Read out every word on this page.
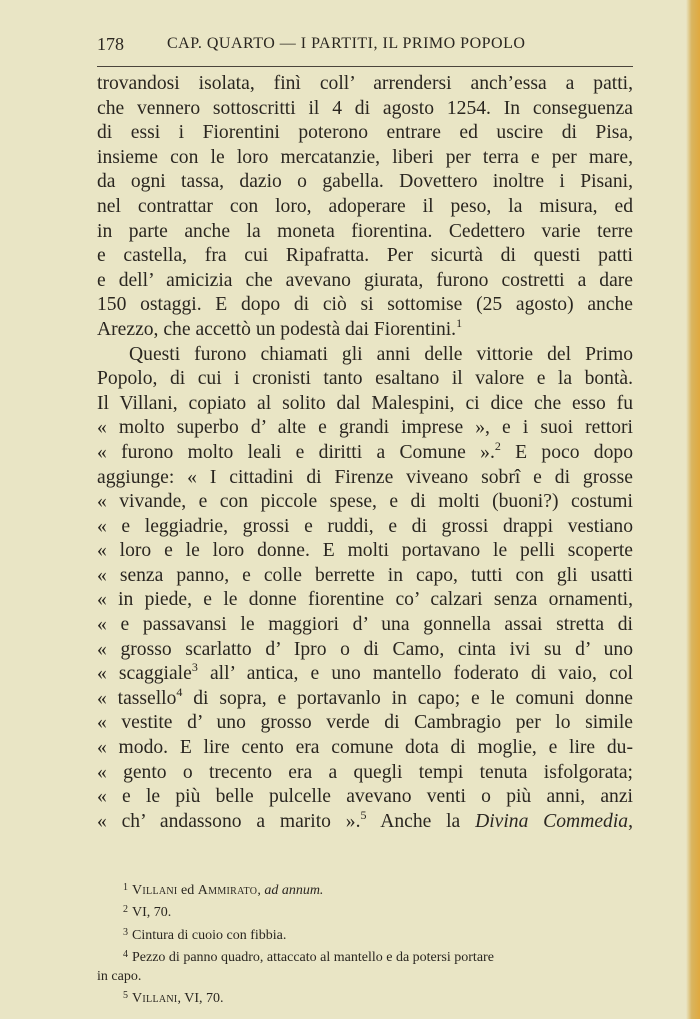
178	CAP. QUARTO — I PARTITI, IL PRIMO POPOLO
trovandosi isolata, finì coll’ arrendersi anch’essa a patti,
che vennero sottoscritti il 4 di agosto 1254. In conseguenza
di essi i Fiorentini poterono entrare ed uscire di Pisa,
insieme con le loro mercatanzie, liberi per terra e per mare,
da ogni tassa, dazio o gabella. Dovettero inoltre i Pisani,
nel contrattar con loro, adoperare il peso, la misura, ed
in parte anche la moneta fiorentina. Cedettero varie terre
e castella, fra cui Ripafratta. Per sicurtà di questi patti
e dell’ amicizia che avevano giurata, furono costretti a dare
150 ostaggi. E dopo di ciò si sottomise (25 agosto) anche
Arezzo, che accettò un podestà dai Fiorentini.$^1$
Questi furono chiamati gli anni delle vittorie del Primo
Popolo, di cui i cronisti tanto esaltano il valore e la bontà.
Il Villani, copiato al solito dal Malespini, ci dice che esso fu
« molto superbo d’ alte e grandi imprese », e i suoi rettori
« furono molto leali e diritti a Comune ».$^2$ E poco dopo
aggiunge: « I cittadini di Firenze viveano sobrî e di grosse
« vivande, e con piccole spese, e di molti (buoni?) costumi
« e leggiadrie, grossi e ruddi, e di grossi drappi vestiano
« loro e le loro donne. E molti portavano le pelli scoperte
« senza panno, e colle berrette in capo, tutti con gli usatti
« in piede, e le donne fiorentine co’ calzari senza ornamenti,
« e passavansi le maggiori d’ una gonnella assai stretta di
« grosso scarlatto d’ Ipro o di Camo, cinta ivi su d’ uno
« scaggiale$^3$ all’ antica, e uno mantello foderato di vaio, col
« tassello$^4$ di sopra, e portavanlo in capo; e le comuni donne
« vestite d’ uno grosso verde di Cambragio per lo simile
« modo. E lire cento era comune dota di moglie, e lire du-
« gento o trecento era a quegli tempi tenuta isfolgorata;
« e le più belle pulcelle avevano venti o più anni, anzi
« ch’ andassono a marito ».$^5$ Anche la Divina Commedia,
$^1$ Villani ed Ammirato, ad annum.
$^2$ VI, 70.
$^3$ Cintura di cuoio con fibbia.
$^4$ Pezzo di panno quadro, attaccato al mantello e da potersi portare
in capo.
$^5$ Villani, VI, 70.
